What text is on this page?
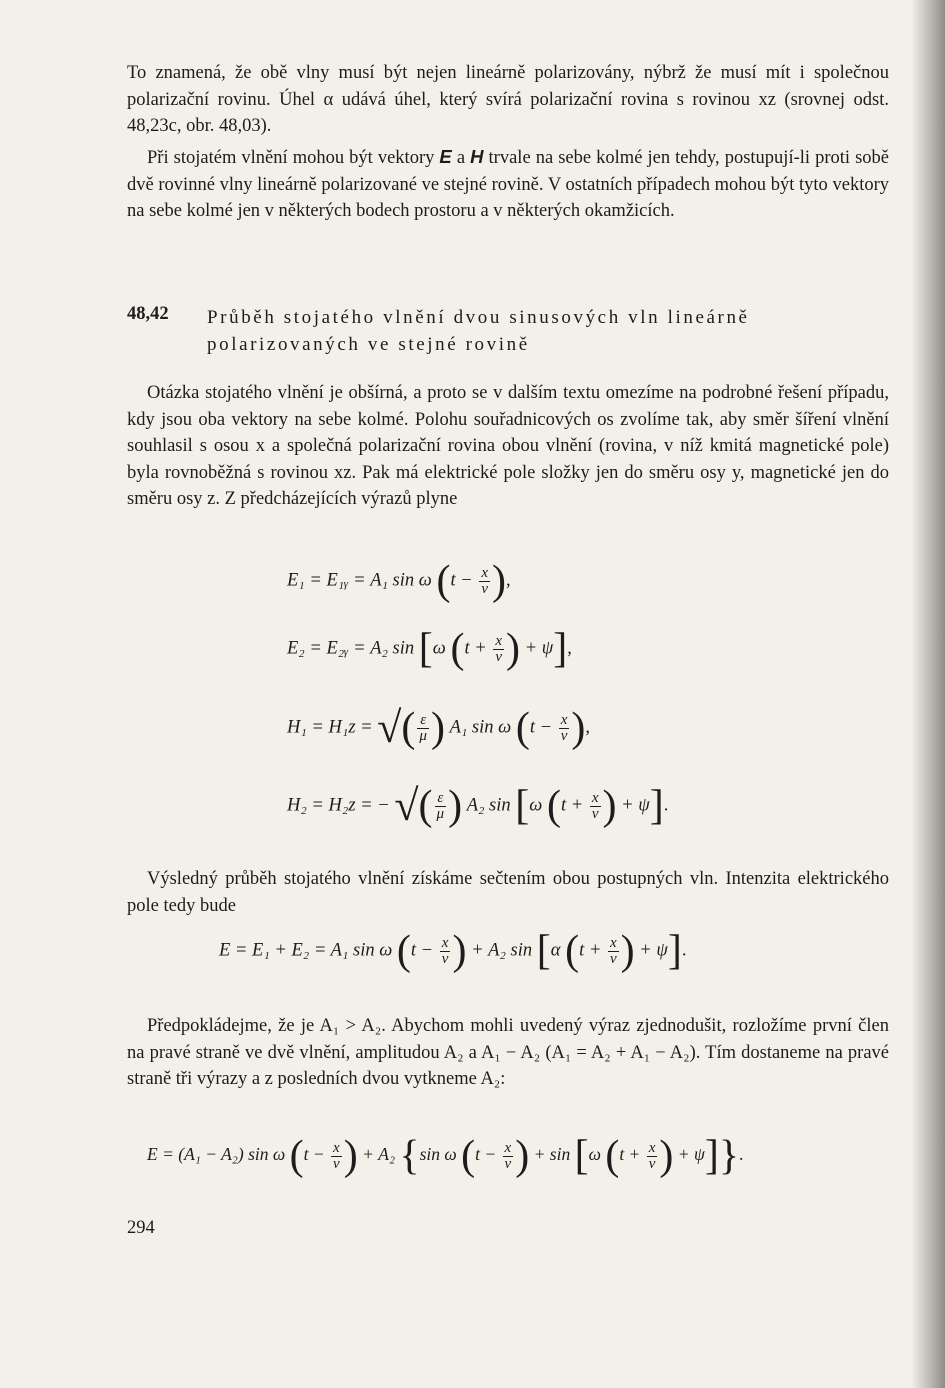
To znamená, že obě vlny musí být nejen lineárně polarizovány, nýbrž že musí mít i společnou polarizační rovinu. Úhel α udává úhel, který svírá polarizační rovina s rovinou xz (srovnej odst. 48,23c, obr. 48,03).

Při stojatém vlnění mohou být vektory E a H trvale na sebe kolmé jen tehdy, postupují-li proti sobě dvě rovinné vlny lineárně polarizované ve stejné rovině. V ostatních případech mohou být tyto vektory na sebe kolmé jen v některých bodech prostoru a v některých okamžicích.

48,42 Průběh stojatého vlnění dvou sinusových vln lineárně polarizovaných ve stejné rovině

Otázka stojatého vlnění je obšírná, a proto se v dalším textu omezíme na podrobné řešení případu, kdy jsou oba vektory na sebe kolmé. Polohu souřadnicových os zvolíme tak, aby směr šíření vlnění souhlasil s osou x a společná polarizační rovina obou vlnění (rovina, v níž kmitá magnetické pole) byla rovnoběžná s rovinou xz. Pak má elektrické pole složky jen do směru osy y, magnetické jen do směru osy z. Z předcházejících výrazů plyne

E₁ = E₁ᵧ = A₁ sin ω ($t - \frac{x}{v}$ ),
E₂ = E₂ᵧ = A₂ sin [ω ($t + \frac{x}{v}$ ) + ψ],
H₁ = H₁z = √( $\frac{\varepsilon}{\mu}$ ) A₁ sin ω ($t - \frac{x}{v}$ ),
H₂ = H₂z = − √( $\frac{\varepsilon}{\mu}$ ) A₂ sin [ω ($t + \frac{x}{v}$ ) + ψ].

Výsledný průběh stojatého vlnění získáme sečtením obou postupných vln. Intenzita elektrického pole tedy bude

E = E₁ + E₂ = A₁ sin ω ($t - \frac{x}{v}$ ) + A₂ sin [α ($t + \frac{x}{v}$ ) + ψ].

Předpokládejme, že je A₁ > A₂. Abychom mohli uvedený výraz zjednodušit, rozložíme první člen na pravé straně ve dvě vlnění, amplitudou A₂ a A₁ − A₂ (A₁ = A₂ + A₁ − A₂). Tím dostaneme na pravé straně tři výrazy a z posledních dvou vytkneme A₂:

E = (A₁ − A₂) sin ω ($t - \frac{x}{v}$ ) + A₂ {sin ω ($t - \frac{x}{v}$ ) + sin [ω ($t + \frac{x}{v}$ ) + ψ]}.
294
